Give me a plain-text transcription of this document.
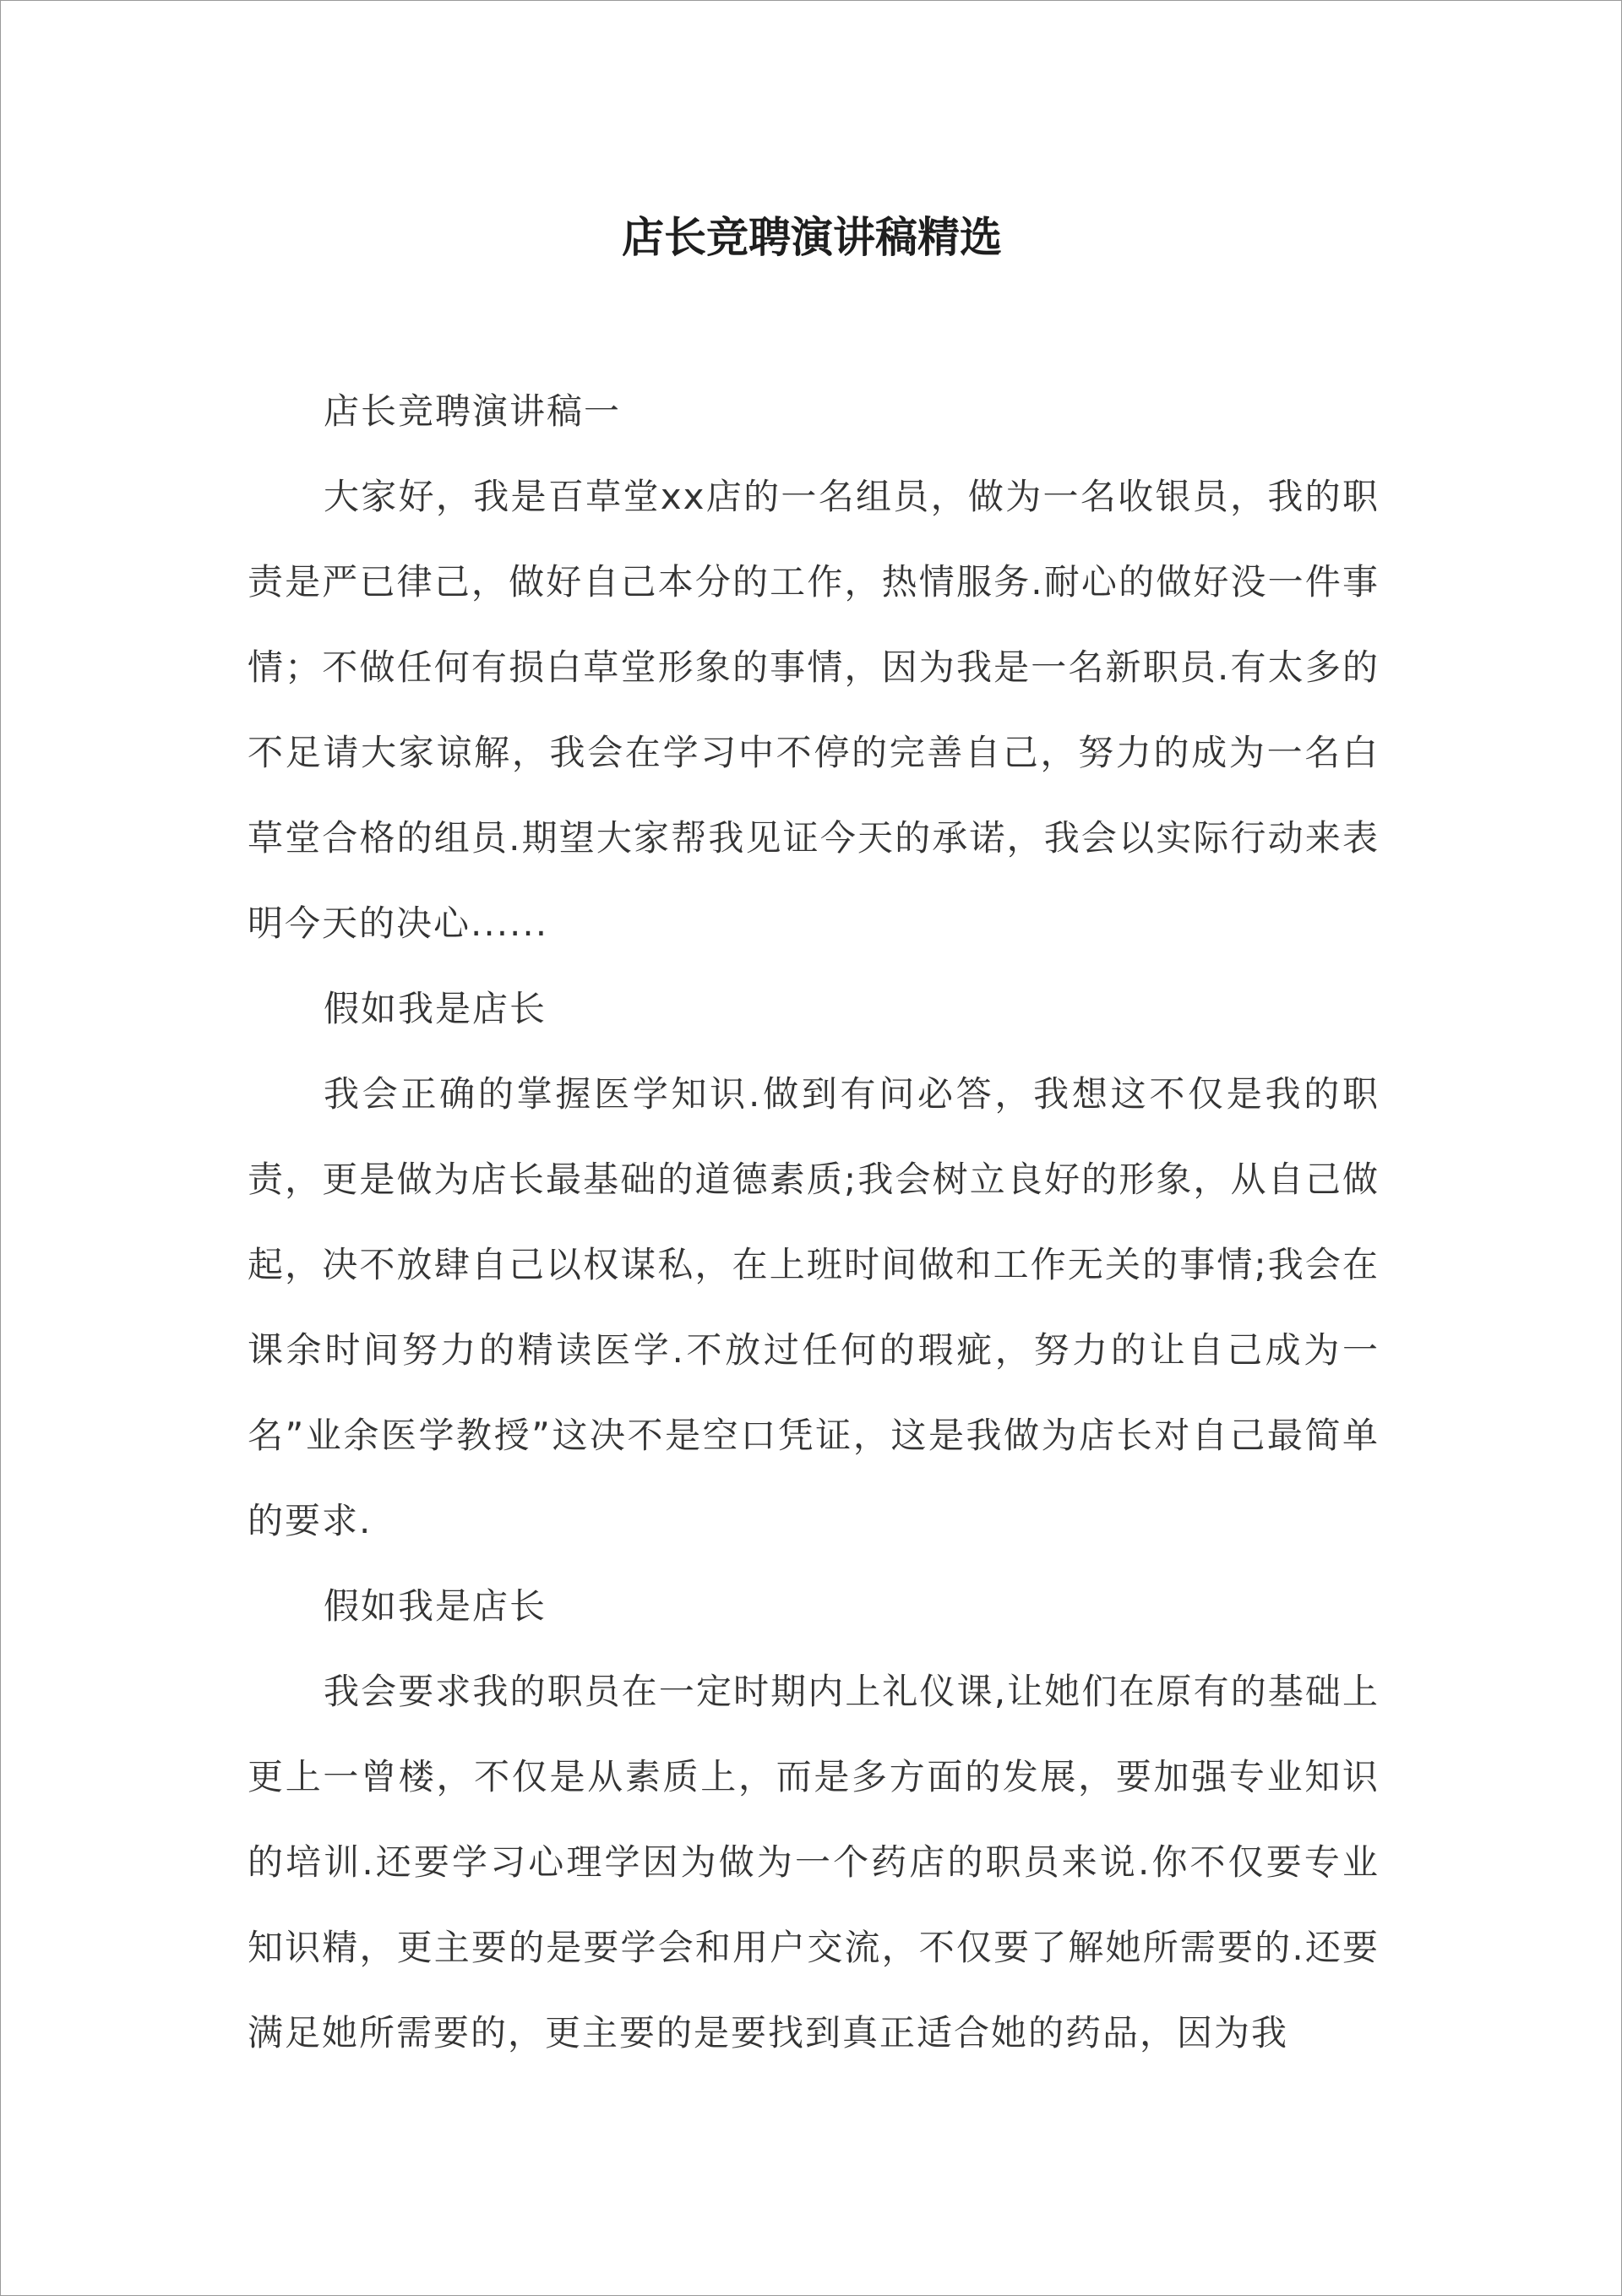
店长竞聘演讲稿精选

店长竞聘演讲稿一

大家好，我是百草堂xx店的一名组员，做为一名收银员，我的职责是严已律己，做好自己本分的工作，热情服务.耐心的做好没一件事情；不做任何有损白草堂形象的事情，因为我是一名新职员.有太多的不足请大家谅解，我会在学习中不停的完善自己，努力的成为一名白草堂合格的组员.期望大家帮我见证今天的承诺，我会以实际行动来表明今天的决心......

假如我是店长

我会正确的掌握医学知识.做到有问必答，我想这不仅是我的职责，更是做为店长最基础的道德素质;我会树立良好的形象，从自己做起，决不放肆自己以权谋私，在上班时间做和工作无关的事情;我会在课余时间努力的精读医学.不放过任何的瑕疵，努力的让自己成为一名”业余医学教授”这决不是空口凭证，这是我做为店长对自己最简单的要求.

假如我是店长

我会要求我的职员在一定时期内上礼仪课,让她们在原有的基础上更上一曾楼，不仅是从素质上，而是多方面的发展，要加强专业知识的培训.还要学习心理学因为做为一个药店的职员来说.你不仅要专业知识精，更主要的是要学会和用户交流，不仅要了解她所需要的.还要满足她所需要的，更主要的是要找到真正适合她的药品，因为我
